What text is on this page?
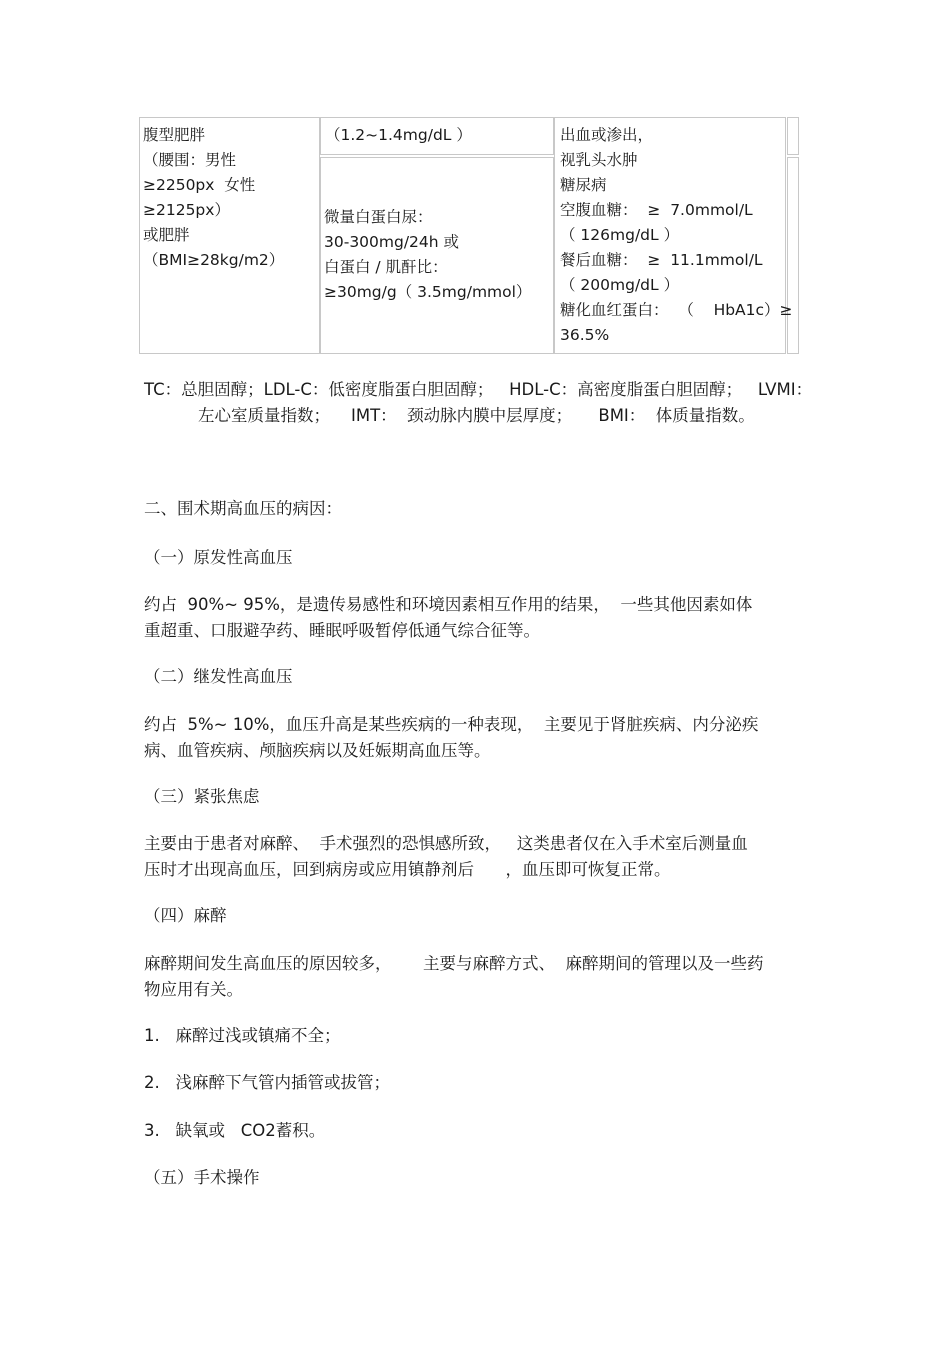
腹型肥胖
（腰围：男性
≥2250px  女性
≥2125px）
或肥胖
（BMI≥28kg/m2）
（1.2~1.4mg/dL ）
微量白蛋白尿：
30-300mg/24h 或
白蛋白 / 肌酐比：
≥30mg/g（ 3.5mg/mmol）
出血或渗出，
视乳头水肿
糖尿病
空腹血糖：  ≥  7.0mmol/L
（ 126mg/dL ）
餐后血糖：  ≥  11.1mmol/L
（ 200mg/dL ）
糖化血红蛋白：  （    HbA1c）≥
36.5%
TC：总胆固醇；LDL-C：低密度脂蛋白胆固醇；   HDL-C：高密度脂蛋白胆固醇；   LVMI：
左心室质量指数；    IMT：  颈动脉内膜中层厚度；     BMI：  体质量指数。
二、围术期高血压的病因：
（一）原发性高血压
约占  90%~ 95%，是遗传易感性和环境因素相互作用的结果，  一些其他因素如体
重超重、口服避孕药、睡眠呼吸暂停低通气综合征等。
（二）继发性高血压
约占  5%~ 10%，血压升高是某些疾病的一种表现，  主要见于肾脏疾病、内分泌疾
病、血管疾病、颅脑疾病以及妊娠期高血压等。
（三）紧张焦虑
主要由于患者对麻醉、  手术强烈的恐惧感所致，   这类患者仅在入手术室后测量血
压时才出现高血压，回到病房或应用镇静剂后      ，血压即可恢复正常。
（四）麻醉
麻醉期间发生高血压的原因较多，      主要与麻醉方式、  麻醉期间的管理以及一些药
物应用有关。
1.   麻醉过浅或镇痛不全；
2.   浅麻醉下气管内插管或拔管；
3.   缺氧或   CO2蓄积。
（五）手术操作
